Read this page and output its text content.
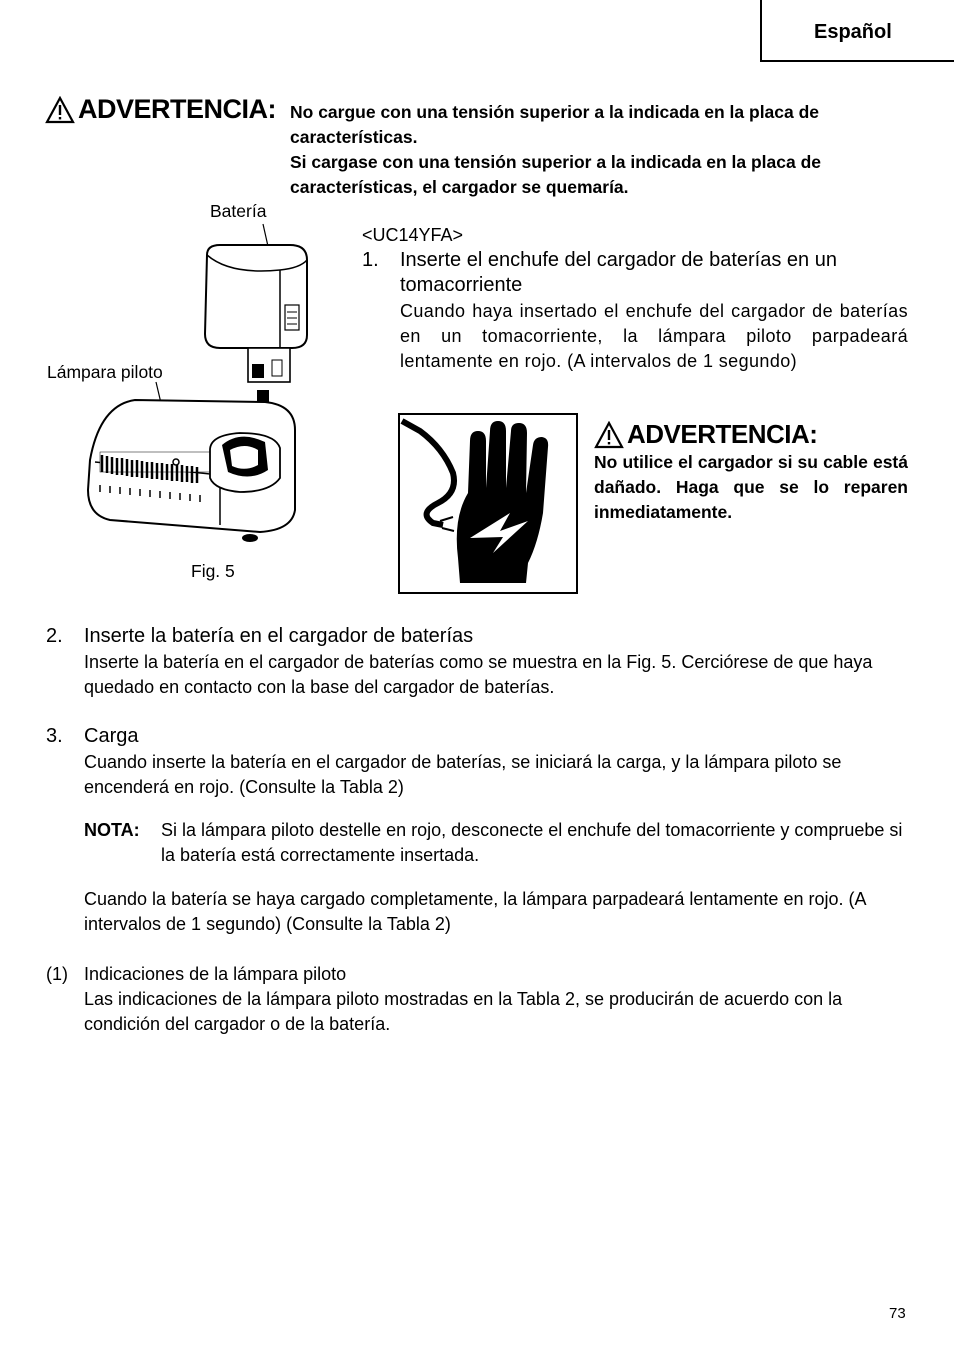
Español
ADVERTENCIA: No cargue con una tensión superior a la indicada en la placa de características.

Si cargase con una tensión superior a la indicada en la placa de características, el cargador se quemaría.

Batería
Lámpara piloto
Fig. 5
<UC14YFA>
1. Inserte el enchufe del cargador de baterías en un tomacorriente
Cuando haya insertado el enchufe del cargador de baterías en un tomacorriente, la lámpara piloto parpadeará lentamente en rojo. (A intervalos de 1 segundo)
ADVERTENCIA:
No utilice el cargador si su cable está dañado. Haga que se lo reparen inmediatamente.
2. Inserte la batería en el cargador de baterías
Inserte la batería en el cargador de baterías como se muestra en la Fig. 5. Cerciórese de que haya quedado en contacto con la base del cargador de baterías.
3. Carga
Cuando inserte la batería en el cargador de baterías, se iniciará la carga, y la lámpara piloto se encenderá en rojo. (Consulte la Tabla 2)
NOTA: Si la lámpara piloto destelle en rojo, desconecte el enchufe del tomacorriente y compruebe si la batería está correctamente insertada.
Cuando la batería se haya cargado completamente, la lámpara parpadeará lentamente en rojo. (A intervalos de 1 segundo) (Consulte la Tabla 2)
(1) Indicaciones de la lámpara piloto
Las indicaciones de la lámpara piloto mostradas en la Tabla 2, se producirán de acuerdo con la condición del cargador o de la batería.
73
